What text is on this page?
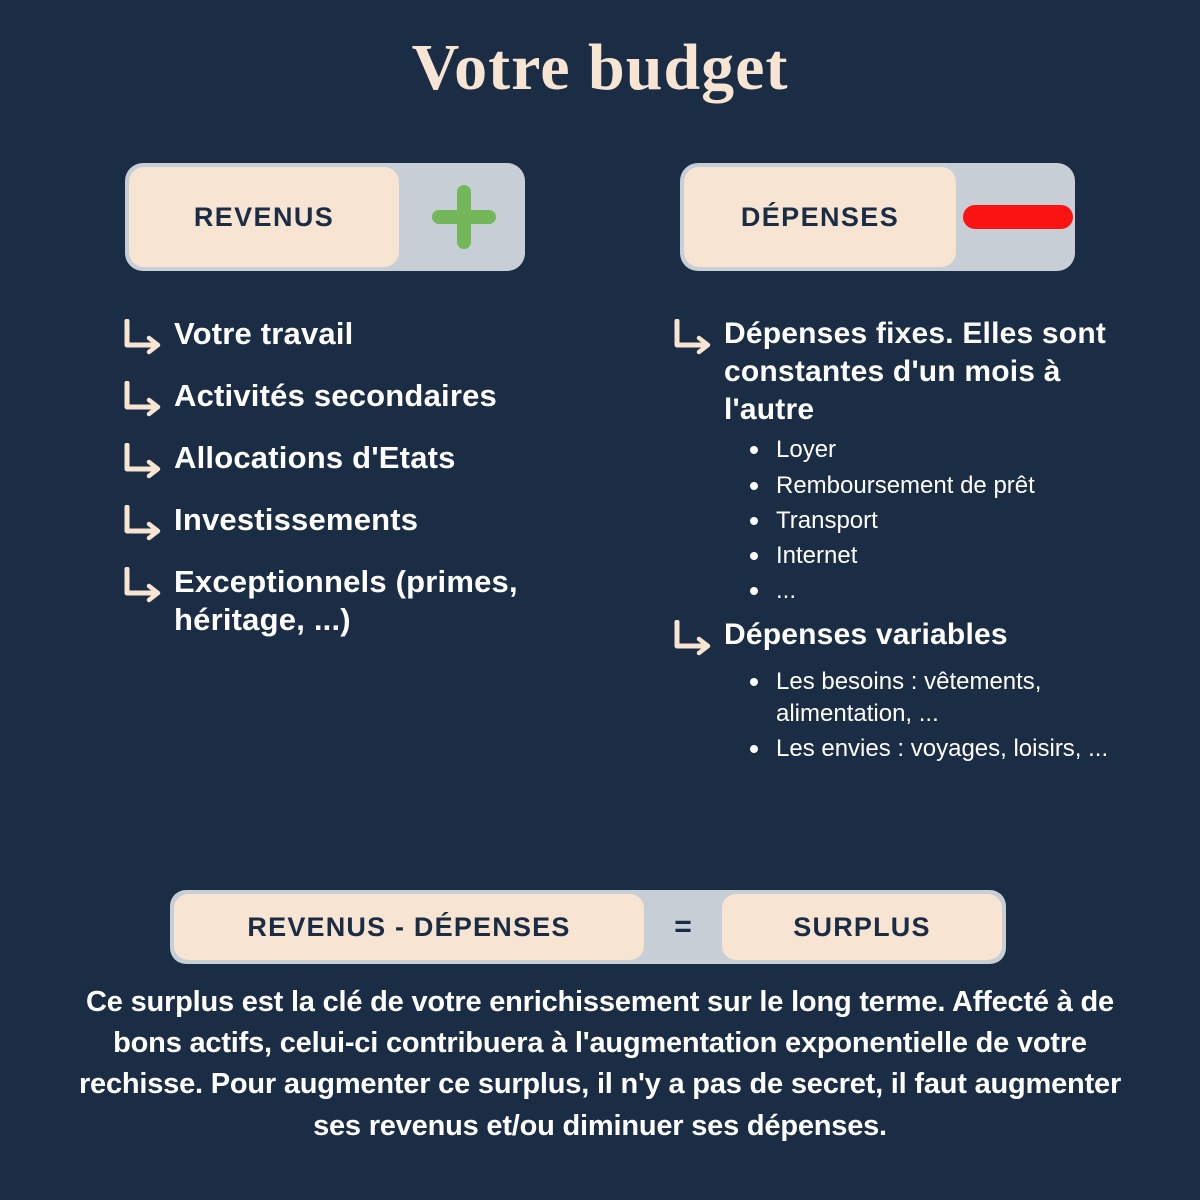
Votre budget
REVENUS	DÉPENSES
Votre travail
Activités secondaires
Allocations d'Etats
Investissements
Exceptionnels (primes, héritage, ...)
Dépenses fixes. Elles sont constantes d'un mois à l'autre
Loyer
Remboursement de prêt
Transport
Internet
...
Dépenses variables
Les besoins : vêtements, alimentation, ...
Les envies : voyages, loisirs, ...
REVENUS - DÉPENSES	=	SURPLUS
Ce surplus est la clé de votre enrichissement sur le long terme. Affecté à de bons actifs, celui-ci contribuera à l'augmentation exponentielle de votre rechisse. Pour augmenter ce surplus, il n'y a pas de secret, il faut augmenter ses revenus et/ou diminuer ses dépenses.
